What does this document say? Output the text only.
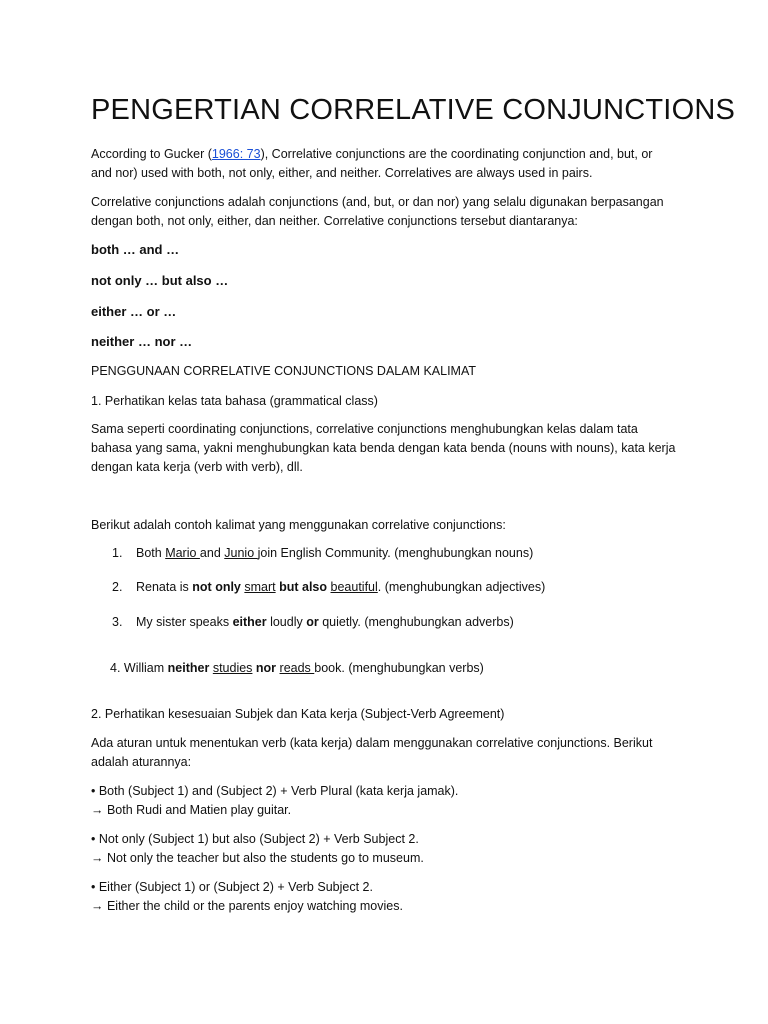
PENGERTIAN CORRELATIVE CONJUNCTIONS

According to Gucker (1966: 73), Correlative conjunctions are the coordinating conjunction and, but, or
and nor) used with both, not only, either, and neither. Correlatives are always used in pairs.

Correlative conjunctions adalah conjunctions (and, but, or dan nor) yang selalu digunakan berpasangan
dengan both, not only, either, dan neither. Correlative conjunctions tersebut diantaranya:

both … and …

not only … but also …

either … or …

neither … nor …

PENGGUNAAN CORRELATIVE CONJUNCTIONS DALAM KALIMAT

1. Perhatikan kelas tata bahasa (grammatical class)

Sama seperti coordinating conjunctions, correlative conjunctions menghubungkan kelas dalam tata
bahasa yang sama, yakni menghubungkan kata benda dengan kata benda (nouns with nouns), kata kerja
dengan kata kerja (verb with verb), dll.

Berikut adalah contoh kalimat yang menggunakan correlative conjunctions:

1. Both Mario and Junio join English Community. (menghubungkan nouns)

2. Renata is not only smart but also beautiful. (menghubungkan adjectives)

3. My sister speaks either loudly or quietly. (menghubungkan adverbs)

4. William neither studies nor reads book. (menghubungkan verbs)

2. Perhatikan kesesuaian Subjek dan Kata kerja (Subject-Verb Agreement)

Ada aturan untuk menentukan verb (kata kerja) dalam menggunakan correlative conjunctions. Berikut
adalah aturannya:

• Both (Subject 1) and (Subject 2) + Verb Plural (kata kerja jamak).
→ Both Rudi and Matien play guitar.

• Not only (Subject 1) but also (Subject 2) + Verb Subject 2.
→ Not only the teacher but also the students go to museum.

• Either (Subject 1) or (Subject 2) + Verb Subject 2.
→ Either the child or the parents enjoy watching movies.
